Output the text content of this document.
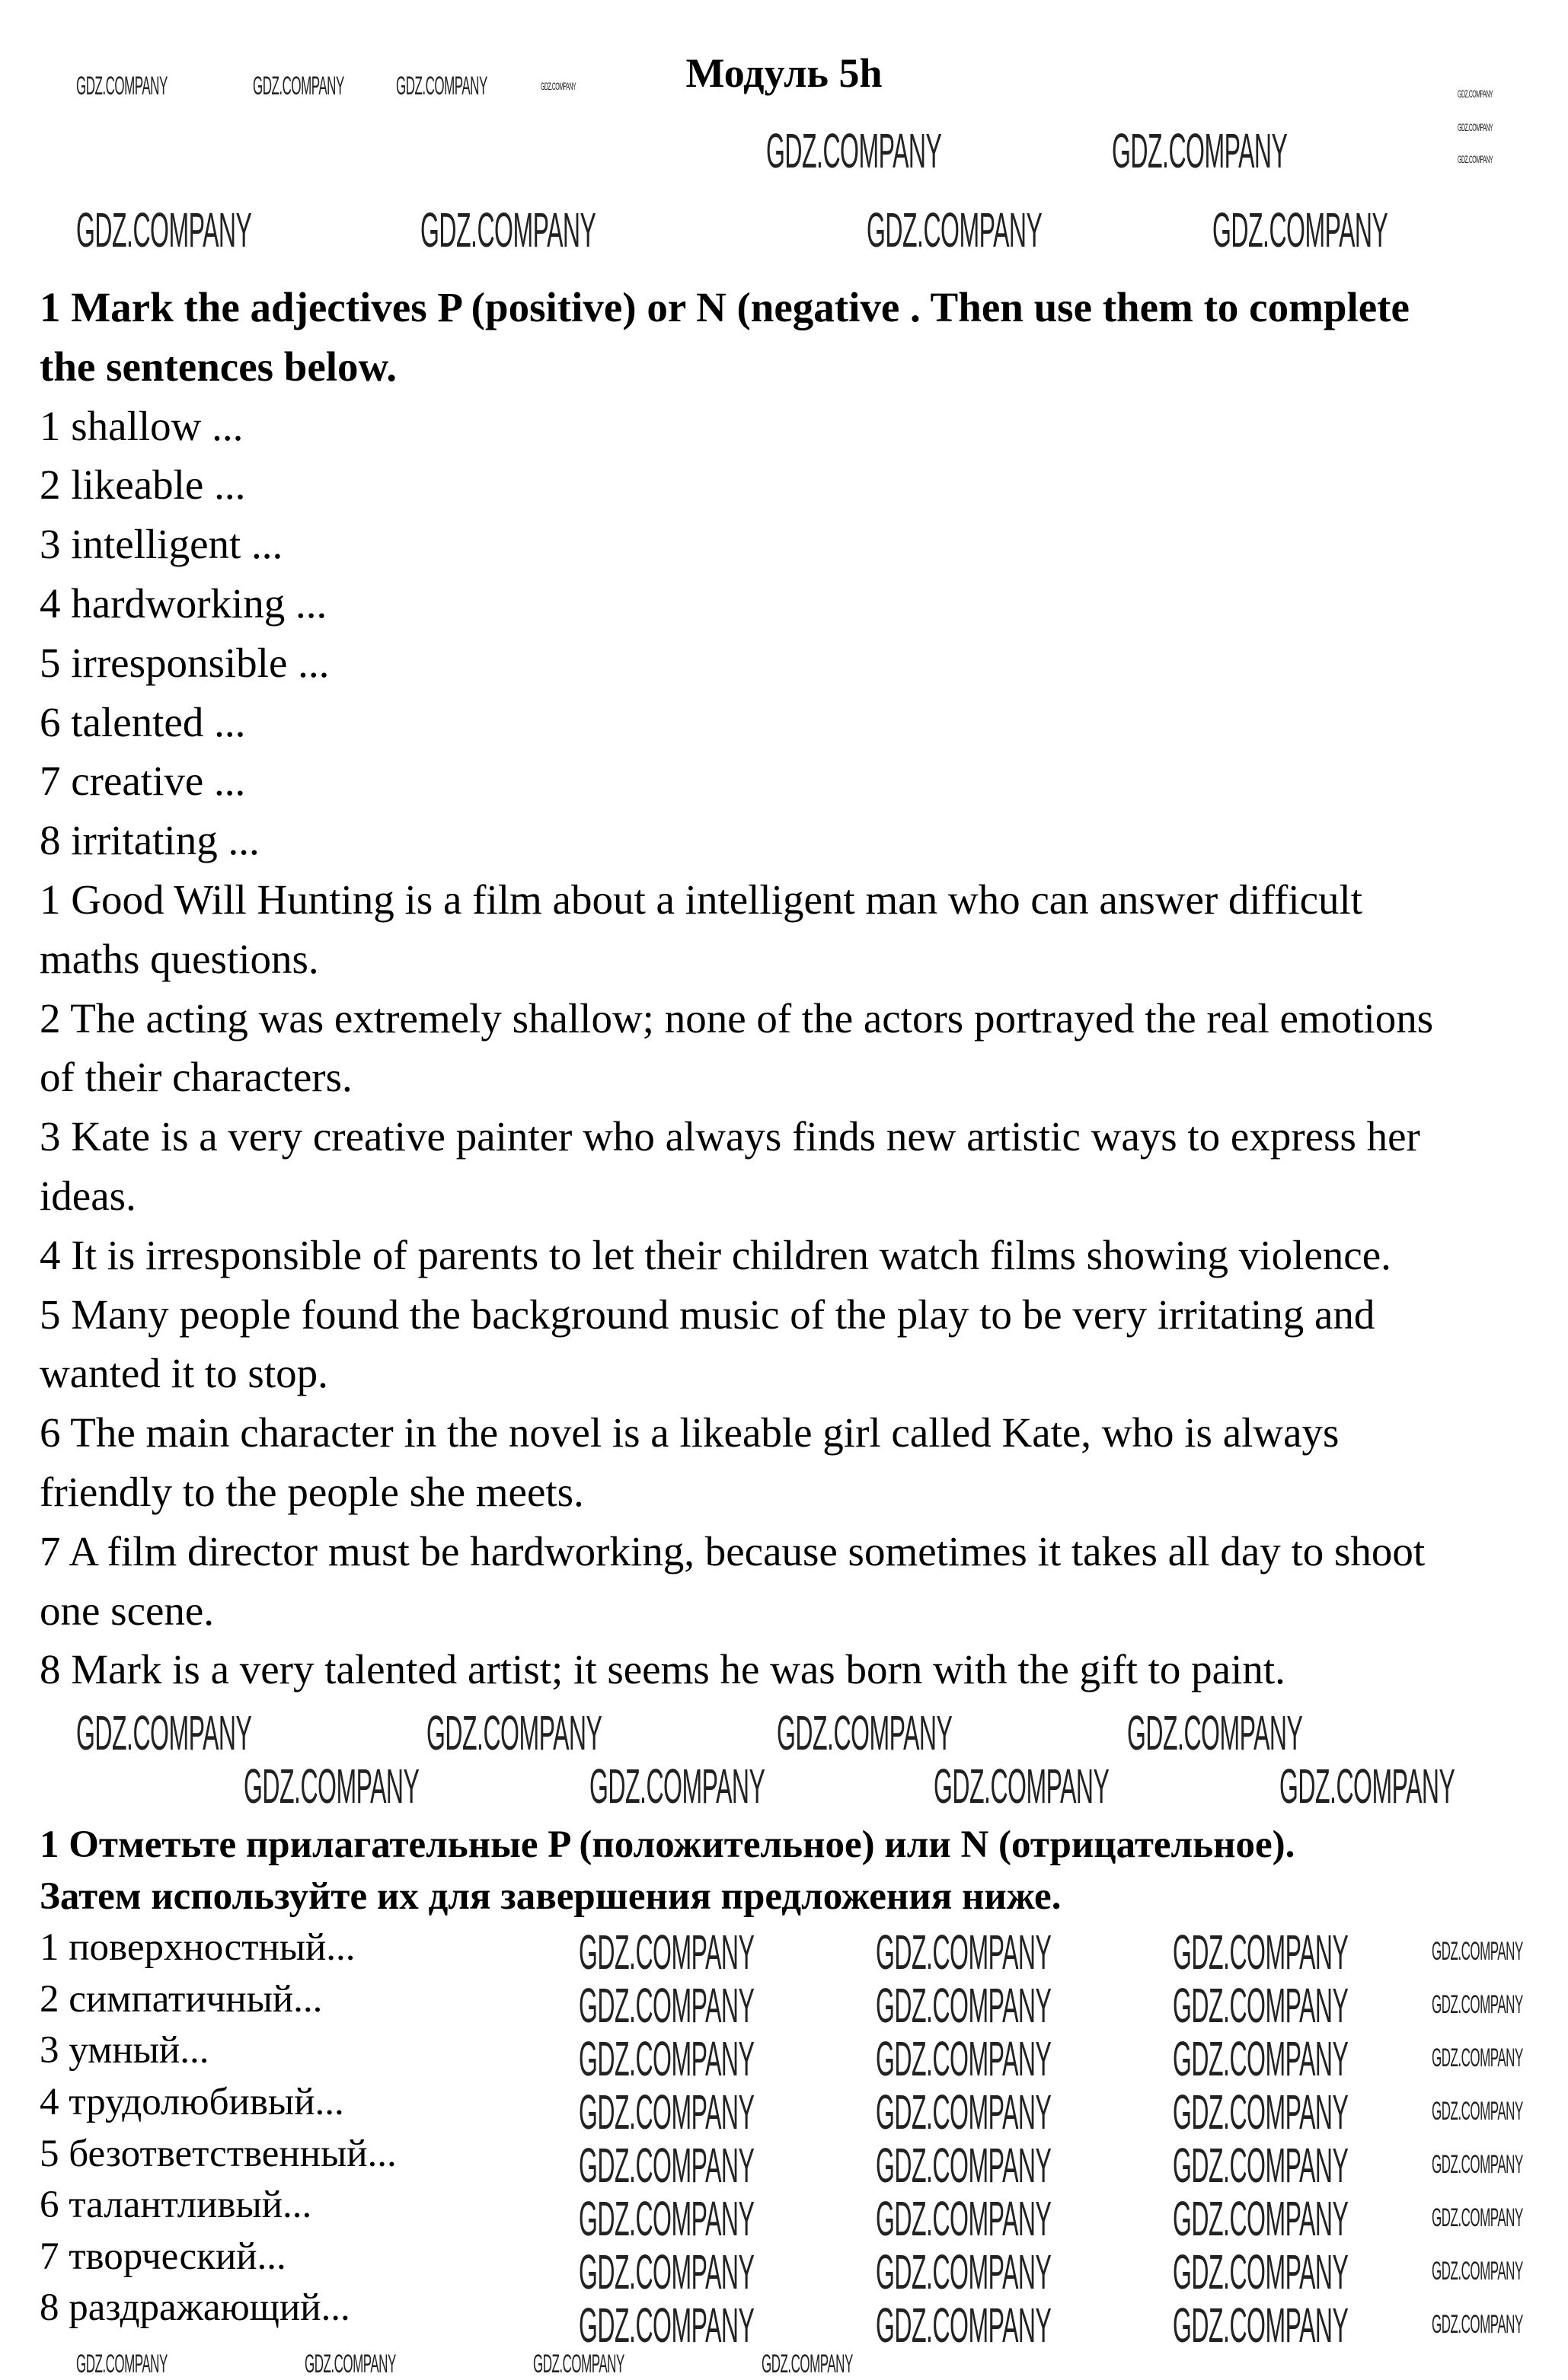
Модуль 5h
1 Mark the adjectives P (positive) or N (negative . Then use them to complete
the sentences below.
1 shallow ...
2 likeable ...
3 intelligent ...
4 hardworking ...
5 irresponsible ...
6 talented ...
7 creative ...
8 irritating ...
1 Good Will Hunting is a film about a intelligent man who can answer difficult
maths questions.
2 The acting was extremely shallow; none of the actors portrayed the real emotions
of their characters.
3 Kate is a very creative painter who always finds new artistic ways to express her
ideas.
4 It is irresponsible of parents to let their children watch films showing violence.
5 Many people found the background music of the play to be very irritating and
wanted it to stop.
6 The main character in the novel is a likeable girl called Kate, who is always
friendly to the people she meets.
7 A film director must be hardworking, because sometimes it takes all day to shoot
one scene.
8 Mark is a very talented artist; it seems he was born with the gift to paint.
1 Отметьте прилагательные P (положительное) или N (отрицательное).
Затем используйте их для завершения предложения ниже.
1 поверхностный...
2 симпатичный...
3 умный...
4 трудолюбивый...
5 безответственный...
6 талантливый...
7 творческий...
8 раздражающий...
GDZ.COMPANY	GDZ.COMPANY GDZ.COMPANY	GDZ.COMPANY
GDZ.COMPANY	GDZ.COMPANY
GDZ.COMPANY
GDZ.COMPANY
GDZ.COMPANY
GDZ.COMPANY	GDZ.COMPANY	GDZ.COMPANY	GDZ.COMPANY
GDZ.COMPANY	GDZ.COMPANY	GDZ.COMPANY	GDZ.COMPANY
GDZ.COMPANY	GDZ.COMPANY	GDZ.COMPANY	GDZ.COMPANY
GDZ.COMPANY GDZ.COMPANY GDZ.COMPANY	GDZ.COMPANY
GDZ.COMPANY GDZ.COMPANY GDZ.COMPANY	GDZ.COMPANY
GDZ.COMPANY GDZ.COMPANY GDZ.COMPANY	GDZ.COMPANY
GDZ.COMPANY GDZ.COMPANY GDZ.COMPANY	GDZ.COMPANY
GDZ.COMPANY GDZ.COMPANY GDZ.COMPANY	GDZ.COMPANY
GDZ.COMPANY GDZ.COMPANY GDZ.COMPANY	GDZ.COMPANY
GDZ.COMPANY GDZ.COMPANY GDZ.COMPANY	GDZ.COMPANY
GDZ.COMPANY GDZ.COMPANY GDZ.COMPANY	GDZ.COMPANY
GDZ.COMPANY	GDZ.COMPANY	GDZ.COMPANY	GDZ.COMPANY
